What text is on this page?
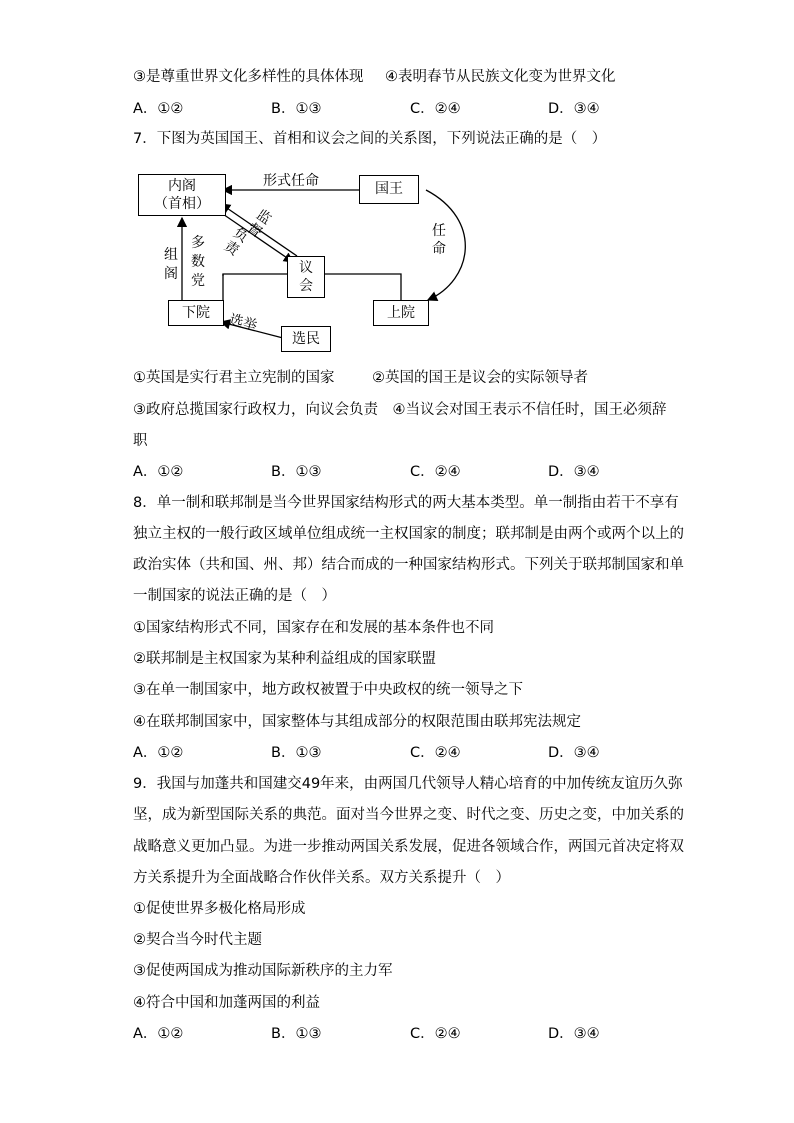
③是尊重世界文化多样性的具体体现 ④表明春节从民族文化变为世界文化
A．①②	B．①③	C．②④	D．③④
7．下图为英国国王、首相和议会之间的关系图，下列说法正确的是（　）
内阁
（首相）
国王
议
会
下院	上院
选民
形式任命
任命
监督
负责
组阁
多数党
选举
①英国是实行君主立宪制的国家	②英国的国王是议会的实际领导者
③政府总揽国家行政权力，向议会负责　④当议会对国王表示不信任时，国王必须辞
职
A．①②	B．①③	C．②④	D．③④
8．单一制和联邦制是当今世界国家结构形式的两大基本类型。单一制指由若干不享有
独立主权的一般行政区域单位组成统一主权国家的制度；联邦制是由两个或两个以上的
政治实体（共和国、州、邦）结合而成的一种国家结构形式。下列关于联邦制国家和单
一制国家的说法正确的是（　）
①国家结构形式不同，国家存在和发展的基本条件也不同
②联邦制是主权国家为某种利益组成的国家联盟
③在单一制国家中，地方政权被置于中央政权的统一领导之下
④在联邦制国家中，国家整体与其组成部分的权限范围由联邦宪法规定
A．①②	B．①③	C．②④	D．③④
9．我国与加蓬共和国建交49年来，由两国几代领导人精心培育的中加传统友谊历久弥
坚，成为新型国际关系的典范。面对当今世界之变、时代之变、历史之变，中加关系的
战略意义更加凸显。为进一步推动两国关系发展，促进各领域合作，两国元首决定将双
方关系提升为全面战略合作伙伴关系。双方关系提升（　）
①促使世界多极化格局形成
②契合当今时代主题
③促使两国成为推动国际新秩序的主力军
④符合中国和加蓬两国的利益
A．①②	B．①③	C．②④	D．③④
